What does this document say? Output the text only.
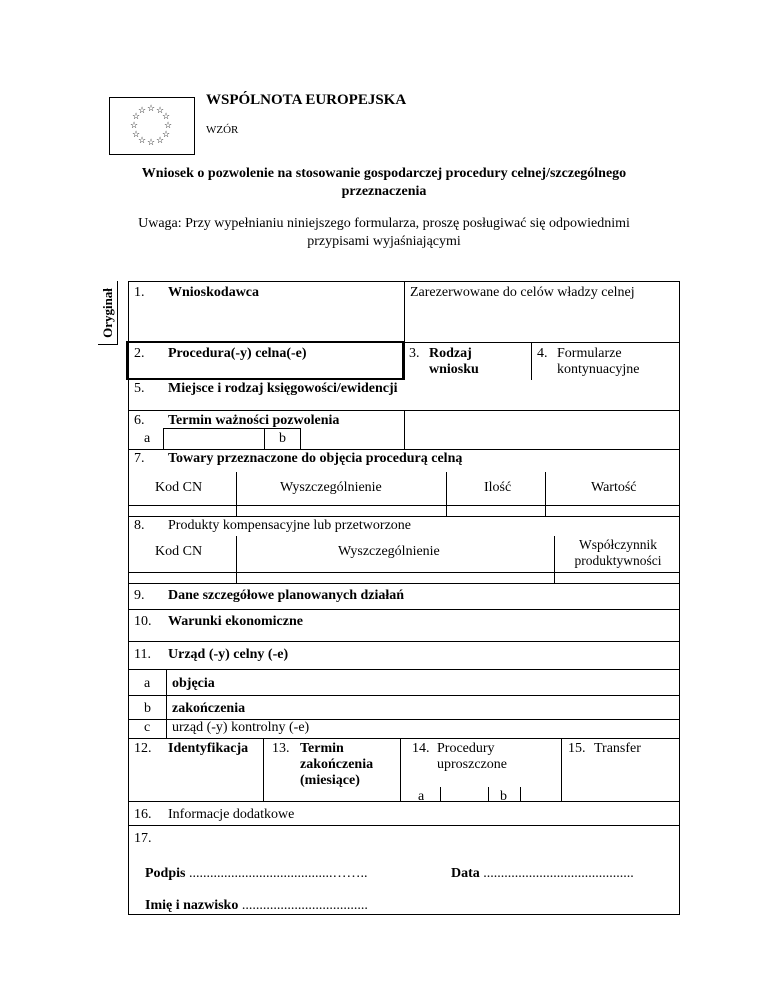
☆ ☆
☆
☆
☆
☆
☆
☆
☆
☆
☆
☆
WSPÓLNOTA EUROPEJSKA
WZÓR
Wniosek o pozwolenie na stosowanie gospodarczej procedury celnej/szczególnego
przeznaczenia
Uwaga: Przy wypełnianiu niniejszego formularza, proszę posługiwać się odpowiednimi
przypisami wyjaśniającymi
Oryginał 1. Wnioskodawca	Zarezerwowane do celów władzy celnej
2. Procedura(-y) celna(-e)	3. Rodzaj
wniosku
4. Formularze
kontynuacyjne
5. Miejsce i rodzaj księgowości/ewidencji
6. Termin ważności pozwolenia
a	b
7. Towary przeznaczone do objęcia procedurą celną
Kod CN	Wyszczególnienie	Ilość	Wartość
8. Produkty kompensacyjne lub przetworzone
Kod CN	Wyszczególnienie	Współczynnik
produktywności
9. Dane szczegółowe planowanych działań
10. Warunki ekonomiczne
11. Urząd (-y) celny (-e)
a objęcia
b zakończenia
c urząd (-y) kontrolny (-e)
12. Identyfikacja 13. Termin
zakończenia
(miesiące)
14. Procedury
uproszczone
a	b
15. Transfer
16. Informacje dodatkowe
17.
Podpis .........................................……..	Data ...........................................
Imię i nazwisko ....................................
